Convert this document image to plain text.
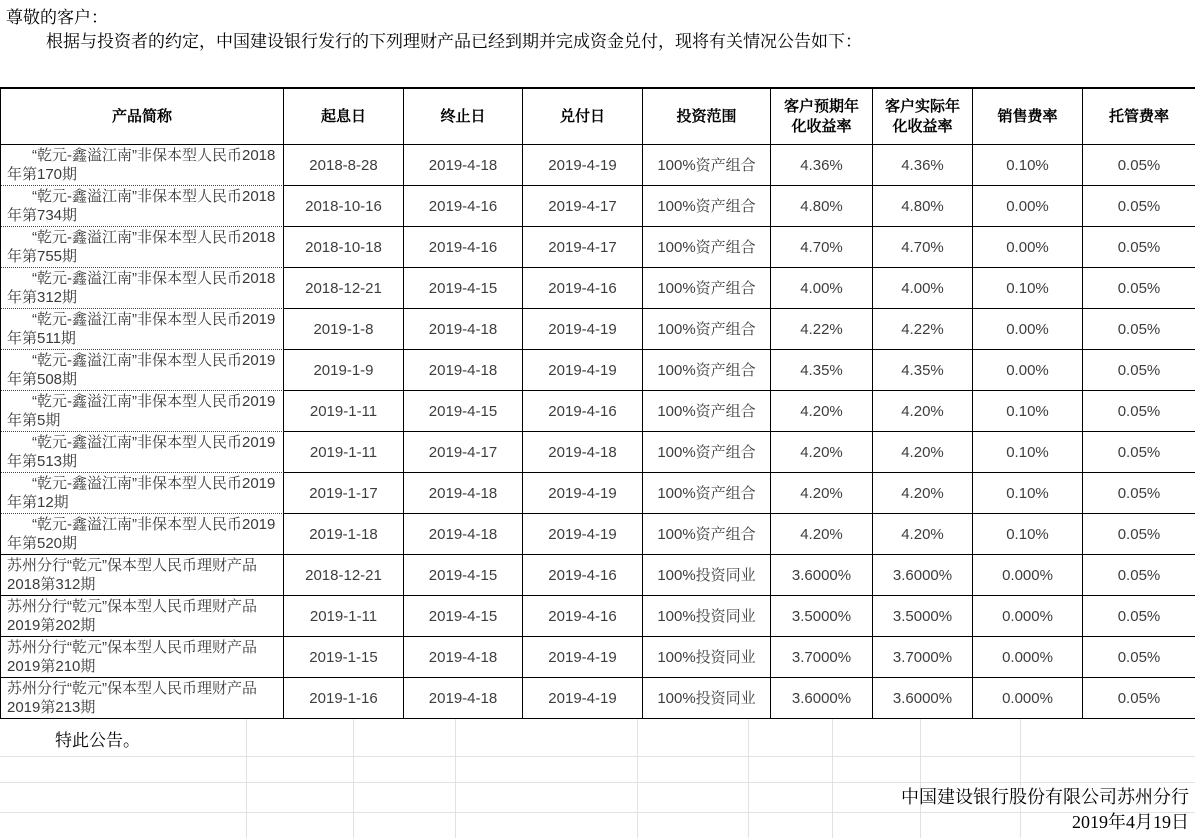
尊敬的客户：

根据与投资者的约定，中国建设银行发行的下列理财产品已经到期并完成资金兑付，现将有关情况公告如下：

产品简称	起息日	终止日	兑付日	投资范围	客户预期年化收益率	客户实际年化收益率	销售费率	托管费率
“乾元-鑫溢江南”非保本型人民币2018年第170期	2018-8-28	2019-4-18	2019-4-19	100%资产组合	4.36%	4.36%	0.10%	0.05%
“乾元-鑫溢江南”非保本型人民币2018年第734期	2018-10-16	2019-4-16	2019-4-17	100%资产组合	4.80%	4.80%	0.00%	0.05%
“乾元-鑫溢江南”非保本型人民币2018年第755期	2018-10-18	2019-4-16	2019-4-17	100%资产组合	4.70%	4.70%	0.00%	0.05%
“乾元-鑫溢江南”非保本型人民币2018年第312期	2018-12-21	2019-4-15	2019-4-16	100%资产组合	4.00%	4.00%	0.10%	0.05%
“乾元-鑫溢江南”非保本型人民币2019年第511期	2019-1-8	2019-4-18	2019-4-19	100%资产组合	4.22%	4.22%	0.00%	0.05%
“乾元-鑫溢江南”非保本型人民币2019年第508期	2019-1-9	2019-4-18	2019-4-19	100%资产组合	4.35%	4.35%	0.00%	0.05%
“乾元-鑫溢江南”非保本型人民币2019年第5期	2019-1-11	2019-4-15	2019-4-16	100%资产组合	4.20%	4.20%	0.10%	0.05%
“乾元-鑫溢江南”非保本型人民币2019年第513期	2019-1-11	2019-4-17	2019-4-18	100%资产组合	4.20%	4.20%	0.10%	0.05%
“乾元-鑫溢江南”非保本型人民币2019年第12期	2019-1-17	2019-4-18	2019-4-19	100%资产组合	4.20%	4.20%	0.10%	0.05%
“乾元-鑫溢江南”非保本型人民币2019年第520期	2019-1-18	2019-4-18	2019-4-19	100%资产组合	4.20%	4.20%	0.10%	0.05%
苏州分行“乾元”保本型人民币理财产品2018第312期	2018-12-21	2019-4-15	2019-4-16	100%投资同业	3.6000%	3.6000%	0.000%	0.05%
苏州分行“乾元”保本型人民币理财产品2019第202期	2019-1-11	2019-4-15	2019-4-16	100%投资同业	3.5000%	3.5000%	0.000%	0.05%
苏州分行“乾元”保本型人民币理财产品2019第210期	2019-1-15	2019-4-18	2019-4-19	100%投资同业	3.7000%	3.7000%	0.000%	0.05%
苏州分行“乾元”保本型人民币理财产品2019第213期	2019-1-16	2019-4-18	2019-4-19	100%投资同业	3.6000%	3.6000%	0.000%	0.05%

特此公告。

中国建设银行股份有限公司苏州分行
2019年4月19日
